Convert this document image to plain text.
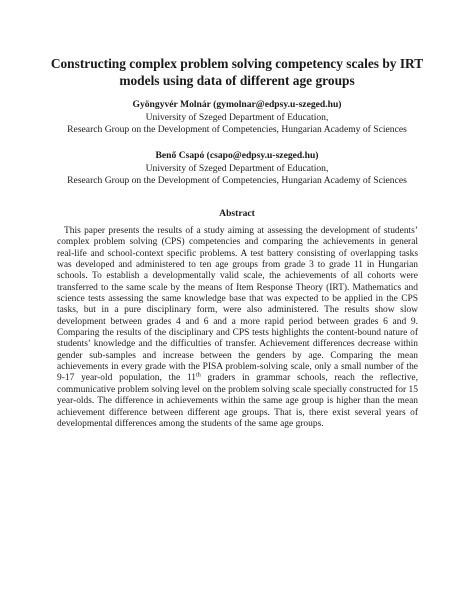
Constructing complex problem solving competency scales by IRT models using data of different age groups
Gyöngyvér Molnár (gymolnar@edpsy.u-szeged.hu)
University of Szeged Department of Education,
Research Group on the Development of Competencies, Hungarian Academy of Sciences
Benő Csapó (csapo@edpsy.u-szeged.hu)
University of Szeged Department of Education,
Research Group on the Development of Competencies, Hungarian Academy of Sciences
Abstract
This paper presents the results of a study aiming at assessing the development of students’ complex problem solving (CPS) competencies and comparing the achievements in general real-life and school-context specific problems. A test battery consisting of overlapping tasks was developed and administered to ten age groups from grade 3 to grade 11 in Hungarian schools. To establish a developmentally valid scale, the achievements of all cohorts were transferred to the same scale by the means of Item Response Theory (IRT). Mathematics and science tests assessing the same knowledge base that was expected to be applied in the CPS tasks, but in a pure disciplinary form, were also administered. The results show slow development between grades 4 and 6 and a more rapid period between grades 6 and 9. Comparing the results of the disciplinary and CPS tests highlights the content-bound nature of students’ knowledge and the difficulties of transfer. Achievement differences decrease within gender sub-samples and increase between the genders by age. Comparing the mean achievements in every grade with the PISA problem-solving scale, only a small number of the 9-17 year-old population, the 11th graders in grammar schools, reach the reflective, communicative problem solving level on the problem solving scale specially constructed for 15 year-olds. The difference in achievements within the same age group is higher than the mean achievement difference between different age groups. That is, there exist several years of developmental differences among the students of the same age groups.
